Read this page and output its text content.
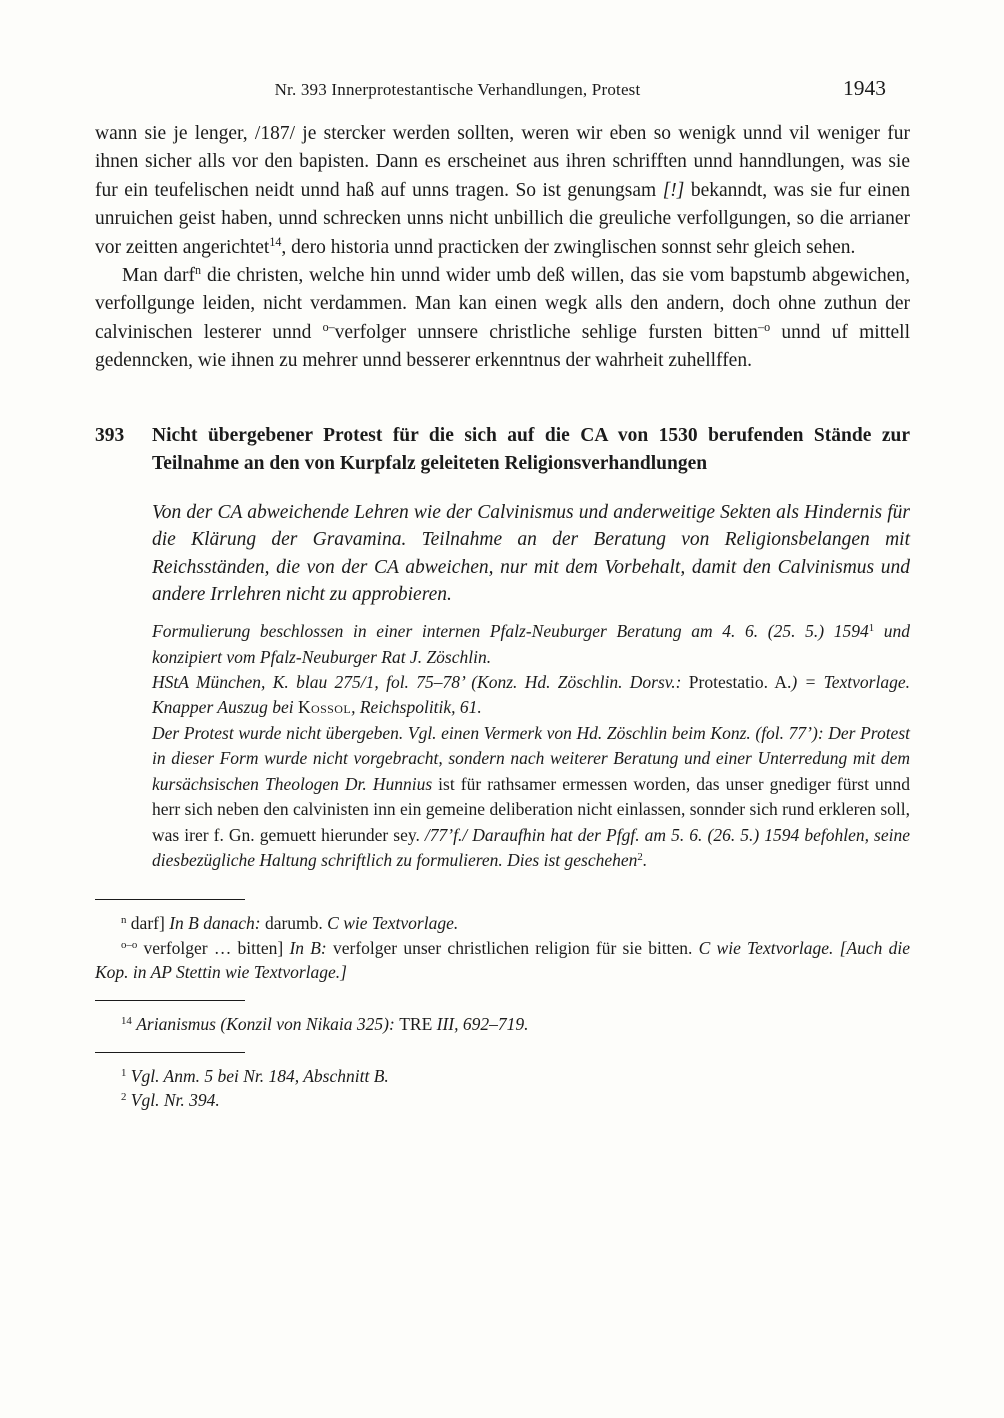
Nr. 393 Innerprotestantische Verhandlungen, Protest	1943

wann sie je lenger, /187/ je stercker werden sollten, weren wir eben so wenigk unnd vil weniger fur ihnen sicher alls vor den bapisten. Dann es erscheinet aus ihren schrifften unnd hanndlungen, was sie fur ein teufelischen neidt unnd haß auf unns tragen. So ist genungsam [!] bekanndt, was sie fur einen unruichen geist haben, unnd schrecken unns nicht unbillich die greuliche verfollgungen, so die arrianer vor zeitten angerichtet$^{14}$, dero historia unnd practicken der zwinglischen sonnst sehr gleich sehen.

Man darf$^n$ die christen, welche hin unnd wider umb deß willen, das sie vom bapstumb abgewichen, verfollgunge leiden, nicht verdammen. Man kan einen wegk alls den andern, doch ohne zuthun der calvinischen lesterer unnd $^{o-}$verfolger unnsere christliche sehlige fursten bitten$^{-o}$ unnd uf mittell gedenncken, wie ihnen zu mehrer unnd besserer erkenntnus der wahrheit zuhellffen.

393	Nicht übergebener Protest für die sich auf die CA von 1530 berufenden Stände zur Teilnahme an den von Kurpfalz geleiteten Religionsverhandlungen

Von der CA abweichende Lehren wie der Calvinismus und anderweitige Sekten als Hindernis für die Klärung der Gravamina. Teilnahme an der Beratung von Religionsbelangen mit Reichsständen, die von der CA abweichen, nur mit dem Vorbehalt, damit den Calvinismus und andere Irrlehren nicht zu approbieren.

Formulierung beschlossen in einer internen Pfalz-Neuburger Beratung am 4. 6. (25. 5.) 1594$^1$ und konzipiert vom Pfalz-Neuburger Rat J. Zöschlin.

HStA München, K. blau 275/1, fol. 75–78’ (Konz. Hd. Zöschlin. Dorsv.: Protestatio. A.) = Textvorlage. Knapper Auszug bei Kossol, Reichspolitik, 61.

Der Protest wurde nicht übergeben. Vgl. einen Vermerk von Hd. Zöschlin beim Konz. (fol. 77’): Der Protest in dieser Form wurde nicht vorgebracht, sondern nach weiterer Beratung und einer Unterredung mit dem kursächsischen Theologen Dr. Hunnius ist für rathsamer ermessen worden, das unser gnediger fürst unnd herr sich neben den calvinisten inn ein gemeine deliberation nicht einlassen, sonnder sich rund erkleren soll, was irer f. Gn. gemuett hierunder sey. /77’f./ Daraufhin hat der Pfgf. am 5. 6. (26. 5.) 1594 befohlen, seine diesbezügliche Haltung schriftlich zu formulieren. Dies ist geschehen$^2$.

$^n$ darf] In B danach: darumb. C wie Textvorlage.

$^{o-o}$ verfolger … bitten] In B: verfolger unser christlichen religion für sie bitten. C wie Textvorlage. [Auch die Kop. in AP Stettin wie Textvorlage.]

$^{14}$ Arianismus (Konzil von Nikaia 325): TRE III, 692–719.

$^1$ Vgl. Anm. 5 bei Nr. 184, Abschnitt B.

$^2$ Vgl. Nr. 394.
